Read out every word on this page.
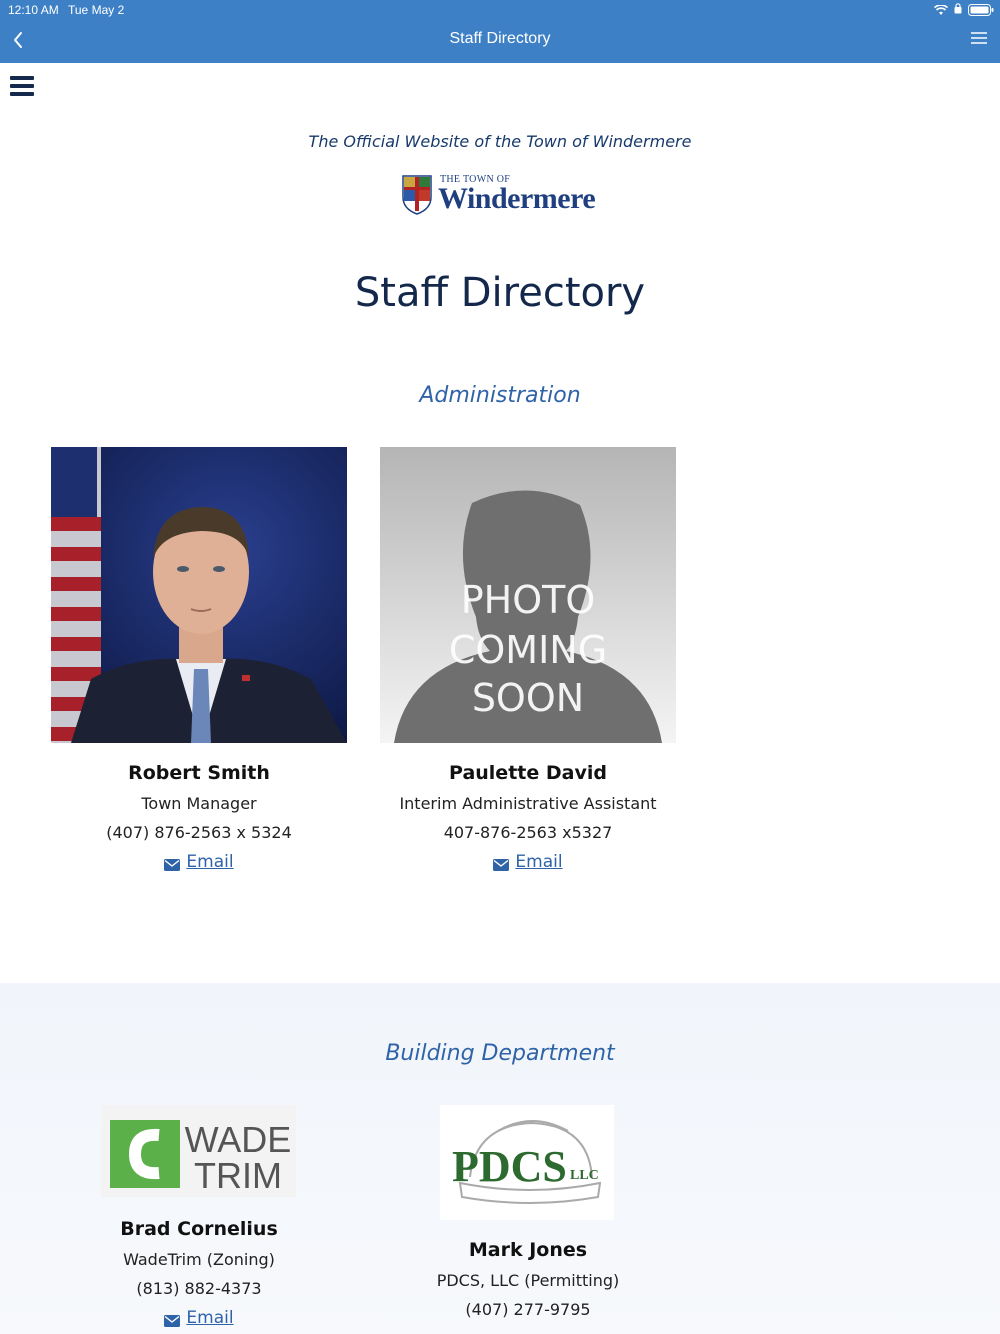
12:10 AM Tue May 2
Staff Directory
The Official Website of the Town of Windermere
THE TOWN OF
Windermere
Staff Directory
Administration
PHOTO
COMING
SOON
Robert Smith
Town Manager
(407) 876-2563 x 5324
Email
Paulette David
Interim Administrative Assistant
407-876-2563 x5327
Email
Building Department
WADE
TRIM	PDCS LLC
Brad Cornelius
WadeTrim (Zoning)
(813) 882-4373
Email
Mark Jones
PDCS, LLC (Permitting)
(407) 277-9795
